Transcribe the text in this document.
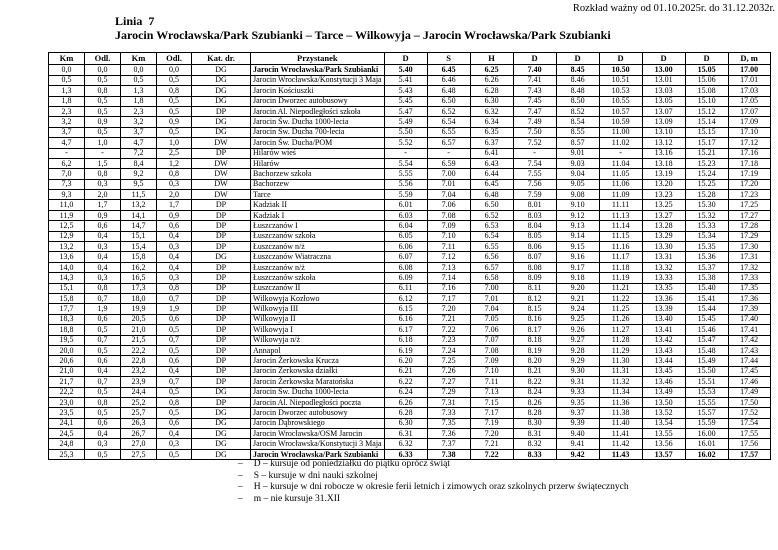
Rozkład ważny od 01.10.2025r. do 31.12.2032r.
Linia  7
Jarocin Wrocławska/Park Szubianki – Tarce – Wilkowyja – Jarocin Wrocławska/Park Szubianki
Km	Odl.	Km	Odl.	Kat. dr.	Przystanek	D	S	H	D	D	D	D	D	D, m
0,0	0,0	0,0	0,0	DG	Jarocin Wrocławska/Park Szubianki	5.40	6.45	6.25	7.40	8.45	10.50	13.00	15.05	17.00
0,5	0,5	0,5	0,5	DG	Jarocin Wrocławska/Konstytucji 3 Maja	5.41	6.46	6.26	7.41	8.46	10.51	13.01	15.06	17.01
1,3	0,8	1,3	0,8	DG	Jarocin Kościuszki	5.43	6.48	6.28	7.43	8.48	10.53	13.03	15.08	17.03
1,8	0,5	1,8	0,5	DG	Jarocin Dworzec autobusowy	5.45	6.50	6.30	7.45	8.50	10.55	13.05	15.10	17.05
2,3	0,5	2,3	0,5	DP	Jarocin Al. Niepodległości szkoła	5.47	6.52	6.32	7.47	8.52	10.57	13.07	15.12	17.07
3,2	0,9	3,2	0,9	DG	Jarocin Św. Ducha 1000-lecia	5.49	6.54	6.34	7.49	8.54	10.59	13.09	15.14	17.09
3,7	0,5	3,7	0,5	DG	Jarocin Św. Ducha 700-lecia	5.50	6.55	6.35	7.50	8.55	11.00	13.10	15.15	17.10
4,7	1,0	4,7	1,0	DW	Jarocin Św. Ducha/POM	5.52	6.57	6.37	7.52	8.57	11.02	13.12	15.17	17.12
-	-	7,2	2,5	DP	Hilarów wieś	-	-	6.41	-	9.01	-	13.16	15.21	17.16
6,2	1,5	8,4	1,2	DW	Hilarów	5.54	6.59	6.43	7.54	9.03	11.04	13.18	15.23	17.18
7,0	0,8	9,2	0,8	DW	Bachorzew szkoła	5.55	7.00	6.44	7.55	9.04	11.05	13.19	15.24	17.19
7,3	0,3	9,5	0,3	DW	Bachorzew	5.56	7.01	6.45	7.56	9.05	11.06	13.20	15.25	17.20
9,3	2,0	11,5	2,0	DW	Tarce	5.59	7.04	6.48	7.59	9.08	11.09	13.23	15.28	17.23
11,0	1,7	13,2	1,7	DP	Kadziak II	6.01	7.06	6.50	8.01	9.10	11.11	13.25	15.30	17.25
11,9	0,9	14,1	0,9	DP	Kadziak I	6.03	7.08	6.52	8.03	9.12	11.13	13.27	15.32	17.27
12,5	0,6	14,7	0,6	DP	Łuszczanów I	6.04	7.09	6.53	8.04	9.13	11.14	13.28	15.33	17.28
12,9	0,4	15,1	0,4	DP	Łuszczanów szkoła	6.05	7.10	6.54	8.05	9.14	11.15	13.29	15.34	17.29
13,2	0,3	15,4	0,3	DP	Łuszczanów n/ż	6.06	7.11	6.55	8.06	9.15	11.16	13.30	15.35	17.30
13,6	0,4	15,8	0,4	DG	Łuszczanów Wiatraczna	6.07	7.12	6.56	8.07	9.16	11.17	13.31	15.36	17.31
14,0	0,4	16,2	0,4	DP	Łuszczanów n/ż	6.08	7.13	6.57	8.08	9.17	11.18	13.32	15.37	17.32
14,3	0,3	16,5	0,3	DP	Łuszczanów szkoła	6.09	7.14	6.58	8.09	9.18	11.19	13.33	15.38	17.33
15,1	0,8	17,3	0,8	DP	Łuszczanów II	6.11	7.16	7.00	8.11	9.20	11.21	13.35	15.40	17.35
15,8	0,7	18,0	0,7	DP	Wilkowyja Kozłowo	6.12	7.17	7.01	8.12	9.21	11.22	13.36	15.41	17.36
17,7	1,9	19,9	1,9	DP	Wilkowyja III	6.15	7.20	7.04	8.15	9.24	11.25	13.39	15.44	17.39
18,3	0,6	20,5	0,6	DP	Wilkowyja II	6.16	7.21	7.05	8.16	9.25	11.26	13.40	15.45	17.40
18,8	0,5	21,0	0,5	DP	Wilkowyja I	6.17	7.22	7.06	8.17	9.26	11.27	13.41	15.46	17.41
19,5	0,7	21,5	0,7	DP	Wilkowyja n/ż	6.18	7.23	7.07	8.18	9.27	11.28	13.42	15.47	17.42
20,0	0,5	22,2	0,5	DP	Annapol	6.19	7.24	7.08	8.19	9.28	11.29	13.43	15.48	17.43
20,6	0,6	22,8	0,6	DP	Jarocin Żerkowska Krucza	6.20	7.25	7.09	8.20	9.29	11.30	13.44	15.49	17.44
21,0	0,4	23,2	0,4	DP	Jarocin Żerkowska działki	6.21	7.26	7.10	8.21	9.30	11.31	13.45	15.50	17.45
21,7	0,7	23,9	0,7	DP	Jarocin Żerkowska Maratońska	6.22	7.27	7.11	8.22	9.31	11.32	13.46	15.51	17.46
22,2	0,5	24,4	0,5	DG	Jarocin Św. Ducha 1000-lecia	6.24	7.29	7.13	8.24	9.33	11.34	13.49	15.53	17.49
23,0	0,8	25,2	0,8	DP	Jarocin Al. Niepodległości poczta	6.26	7.31	7.15	8.26	9.35	11.36	13.50	15.55	17.50
23,5	0,5	25,7	0,5	DG	Jarocin Dworzec autobusowy	6.28	7.33	7.17	8.28	9.37	11.38	13.52	15.57	17.52
24,1	0,6	26,3	0,6	DG	Jarocin Dąbrowskiego	6.30	7.35	7.19	8.30	9.39	11.40	13.54	15.59	17.54
24,5	0,4	26,7	0,4	DG	Jarocin Wrocławska/OSM Jarocin	6.31	7.36	7.20	8.31	9.40	11.41	13.55	16.00	17.55
24,8	0,3	27,0	0,3	DG	Jarocin Wrocławska/Konstytucji 3 Maja	6.32	7.37	7.21	8.32	9.41	11.42	13.56	16.01	17.56
25,3	0,5	27,5	0,5	DG	Jarocin Wrocławska/Park Szubianki	6.33	7.38	7.22	8.33	9.42	11.43	13.57	16.02	17.57
– D – kursuje od poniedziałku do piątku oprócz świąt
– S – kursuje w dni nauki szkolnej
– H – kursuje w dni robocze w okresie ferii letnich i zimowych oraz szkolnych przerw świątecznych
– m – nie kursuje 31.XII
